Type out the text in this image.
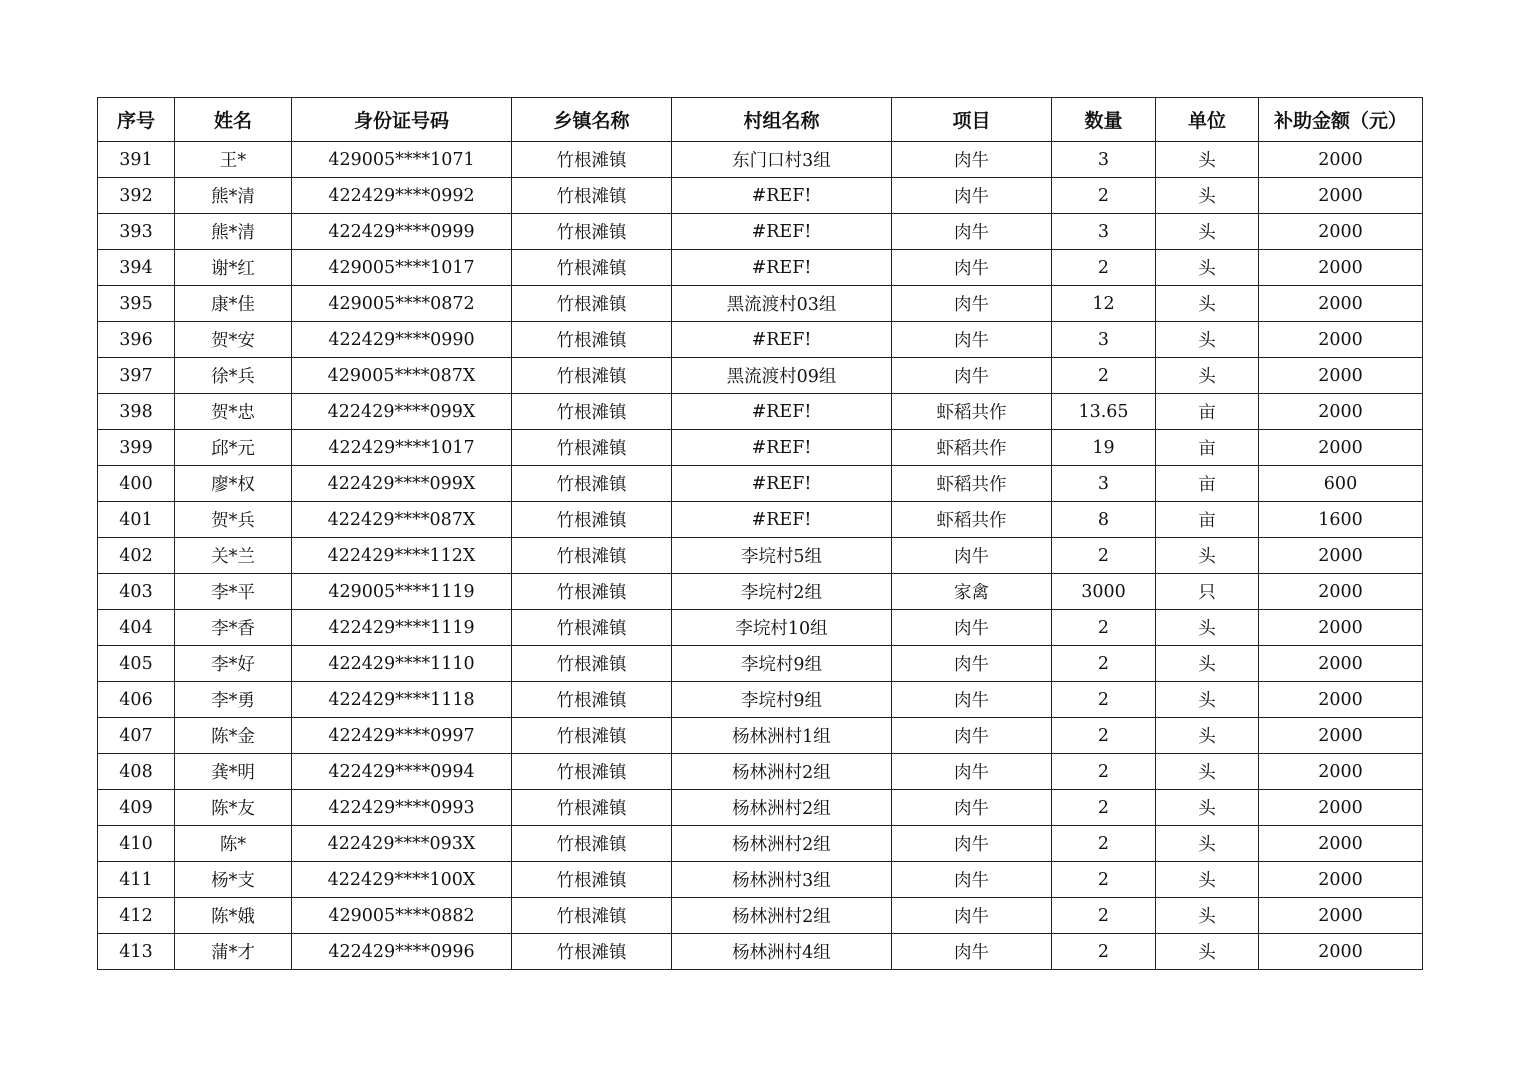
序号	姓名	身份证号码	乡镇名称	村组名称	项目	数量	单位	补助金额（元）
391	王*	429005****1071	竹根滩镇	东门口村3组	肉牛	3	头	2000
392	熊*清	422429****0992	竹根滩镇	#REF!	肉牛	2	头	2000
393	熊*清	422429****0999	竹根滩镇	#REF!	肉牛	3	头	2000
394	谢*红	429005****1017	竹根滩镇	#REF!	肉牛	2	头	2000
395	康*佳	429005****0872	竹根滩镇	黑流渡村03组	肉牛	12	头	2000
396	贺*安	422429****0990	竹根滩镇	#REF!	肉牛	3	头	2000
397	徐*兵	429005****087X	竹根滩镇	黑流渡村09组	肉牛	2	头	2000
398	贺*忠	422429****099X	竹根滩镇	#REF!	虾稻共作	13.65	亩	2000
399	邱*元	422429****1017	竹根滩镇	#REF!	虾稻共作	19	亩	2000
400	廖*权	422429****099X	竹根滩镇	#REF!	虾稻共作	3	亩	600
401	贺*兵	422429****087X	竹根滩镇	#REF!	虾稻共作	8	亩	1600
402	关*兰	422429****112X	竹根滩镇	李垸村5组	肉牛	2	头	2000
403	李*平	429005****1119	竹根滩镇	李垸村2组	家禽	3000	只	2000
404	李*香	422429****1119	竹根滩镇	李垸村10组	肉牛	2	头	2000
405	李*好	422429****1110	竹根滩镇	李垸村9组	肉牛	2	头	2000
406	李*勇	422429****1118	竹根滩镇	李垸村9组	肉牛	2	头	2000
407	陈*金	422429****0997	竹根滩镇	杨林洲村1组	肉牛	2	头	2000
408	龚*明	422429****0994	竹根滩镇	杨林洲村2组	肉牛	2	头	2000
409	陈*友	422429****0993	竹根滩镇	杨林洲村2组	肉牛	2	头	2000
410	陈*	422429****093X	竹根滩镇	杨林洲村2组	肉牛	2	头	2000
411	杨*支	422429****100X	竹根滩镇	杨林洲村3组	肉牛	2	头	2000
412	陈*娥	429005****0882	竹根滩镇	杨林洲村2组	肉牛	2	头	2000
413	蒲*才	422429****0996	竹根滩镇	杨林洲村4组	肉牛	2	头	2000
